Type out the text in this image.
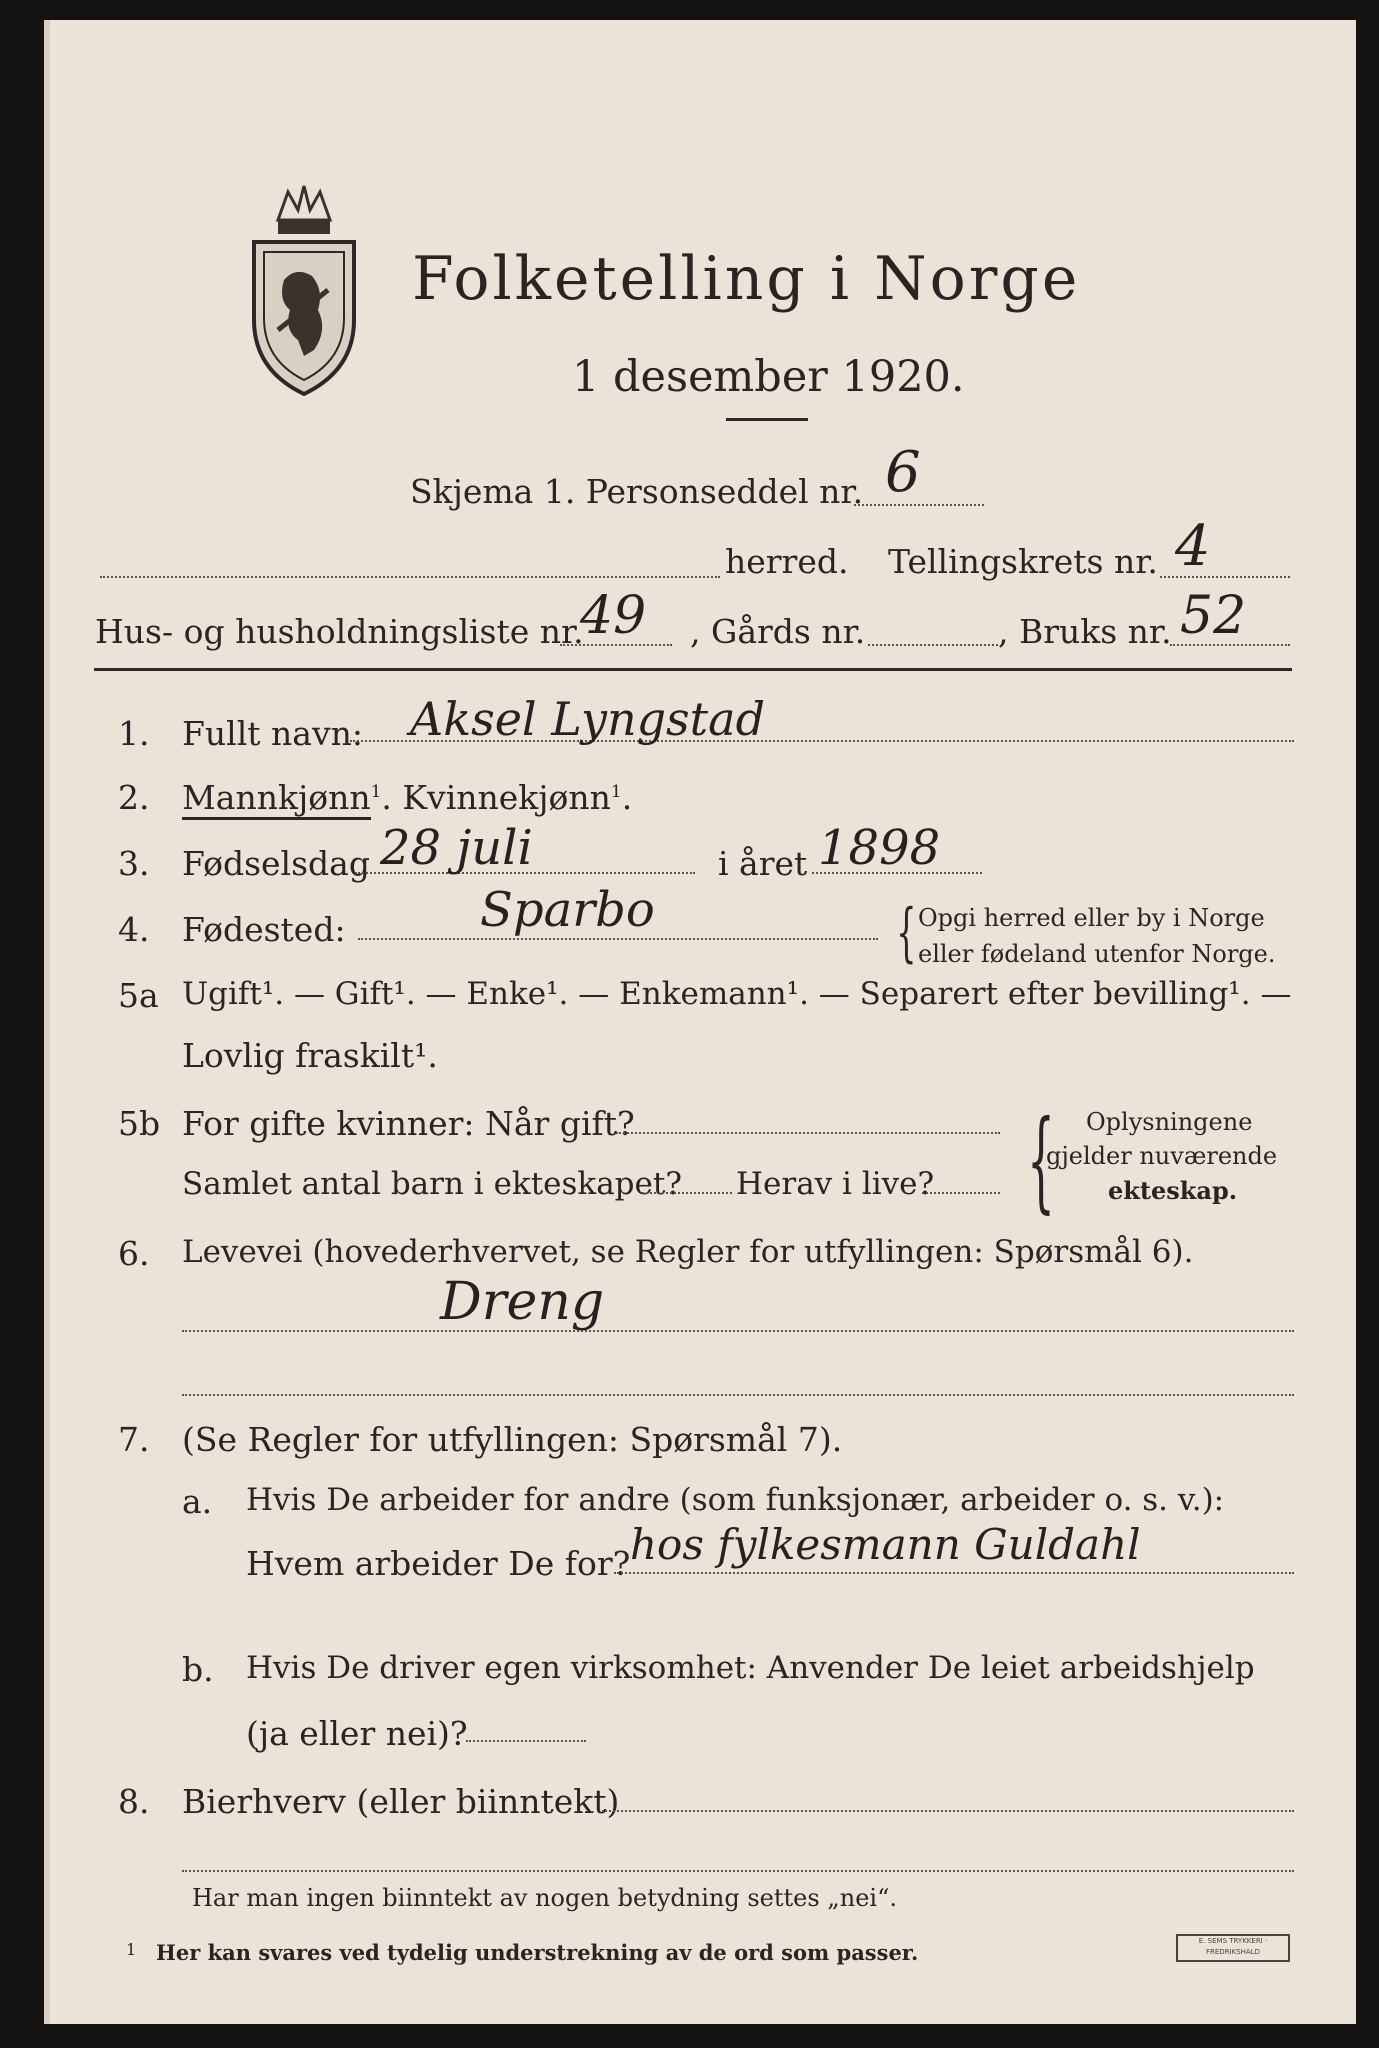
Folketelling i Norge
1 desember 1920.
Skjema 1. Personseddel nr. 6
herred. Tellingskrets nr. 4
Hus- og husholdningsliste nr.
49 , Gårds nr.	, Bruks nr. 52
1. Fullt navn: Aksel Lyngstad
2. Mannkjønn$^1$. Kvinnekjønn$^1$.
3. Fødselsdag 28 juli	i året 1898
4. Fødested:	Sparbo	{ Opgi herred eller by i Norge
eller fødeland utenfor Norge.
5a Ugift¹. — Gift¹. — Enke¹. — Enkemann¹. — Separert efter bevilling¹. —
Lovlig fraskilt¹.
5b For gifte kvinner: Når gift?
Samlet antal barn i ekteskapet? Herav i live? { Oplysningene
gjelder nuværende
ekteskap.
6. Levevei (hovederhvervet, se Regler for utfyllingen: Spørsmål 6).
Dreng
7. (Se Regler for utfyllingen: Spørsmål 7).
a. Hvis De arbeider for andre (som funksjonær, arbeider o. s. v.):
Hvem arbeider De for? hos fylkesmann Guldahl
b. Hvis De driver egen virksomhet: Anvender De leiet arbeidshjelp
(ja eller nei)?
8. Bierhverv (eller biinntekt)
Har man ingen biinntekt av nogen betydning settes „nei“.
1 Her kan svares ved tydelig understrekning av de ord som passer.	E. SEMS TRYKKERI · FREDRIKSHALD
